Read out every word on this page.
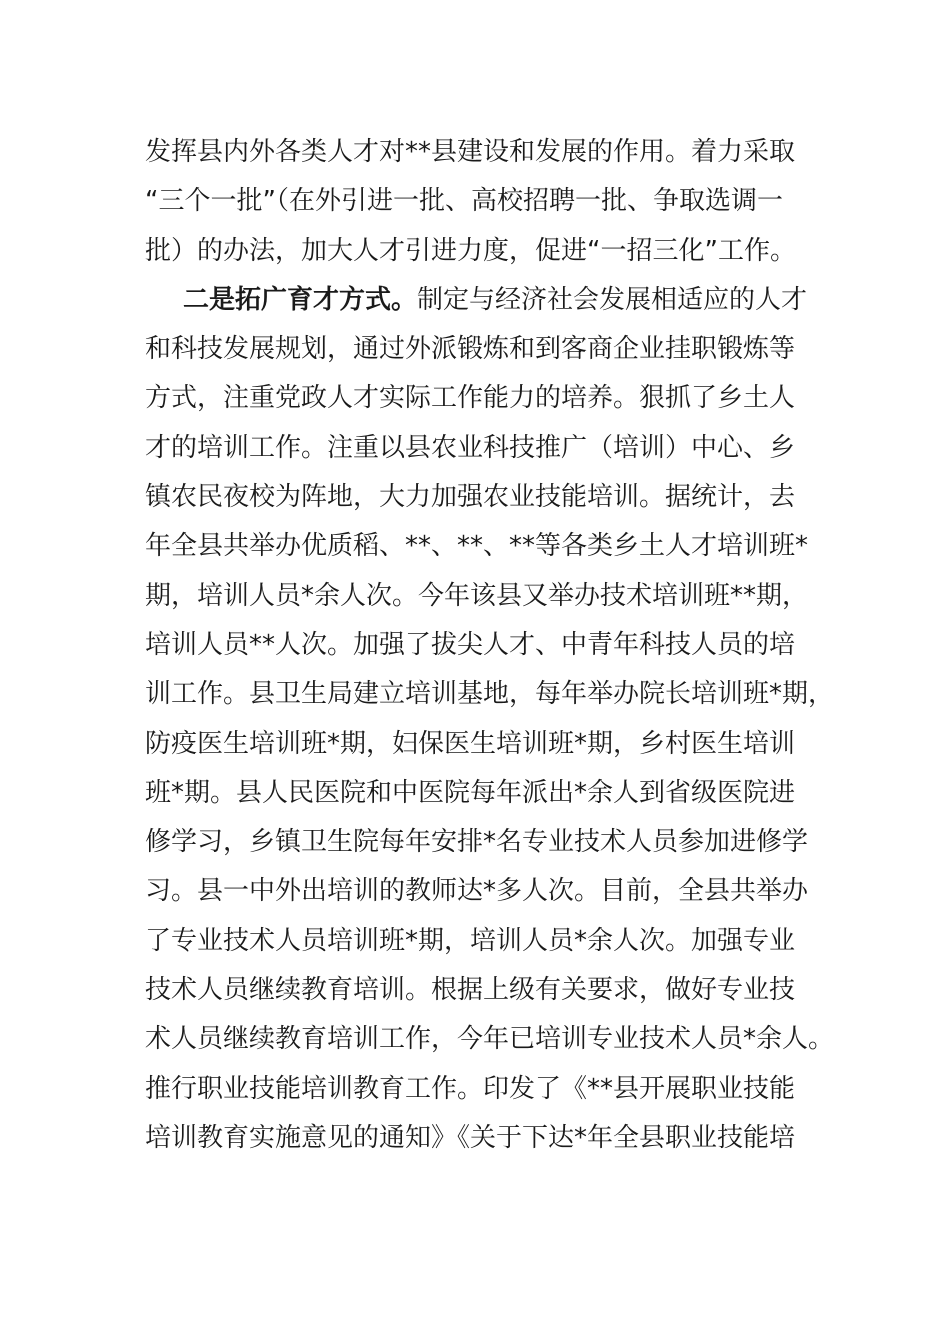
发挥县内外各类人才对**县建设和发展的作用。着力采取
“三个一批”（在外引进一批、高校招聘一批、争取选调一
批）的办法，加大人才引进力度，促进“一招三化”工作。
二是拓广育才方式。制定与经济社会发展相适应的人才
和科技发展规划，通过外派锻炼和到客商企业挂职锻炼等
方式，注重党政人才实际工作能力的培养。狠抓了乡土人
才的培训工作。注重以县农业科技推广（培训）中心、乡
镇农民夜校为阵地，大力加强农业技能培训。据统计，去
年全县共举办优质稻、**、**、**等各类乡土人才培训班*
期，培训人员*余人次。今年该县又举办技术培训班**期，
培训人员**人次。加强了拔尖人才、中青年科技人员的培
训工作。县卫生局建立培训基地，每年举办院长培训班*期，
防疫医生培训班*期，妇保医生培训班*期，乡村医生培训
班*期。县人民医院和中医院每年派出*余人到省级医院进
修学习，乡镇卫生院每年安排*名专业技术人员参加进修学
习。县一中外出培训的教师达*多人次。目前，全县共举办
了专业技术人员培训班*期，培训人员*余人次。加强专业
技术人员继续教育培训。根据上级有关要求，做好专业技
术人员继续教育培训工作，今年已培训专业技术人员*余人。
推行职业技能培训教育工作。印发了《**县开展职业技能
培训教育实施意见的通知》《关于下达*年全县职业技能培
